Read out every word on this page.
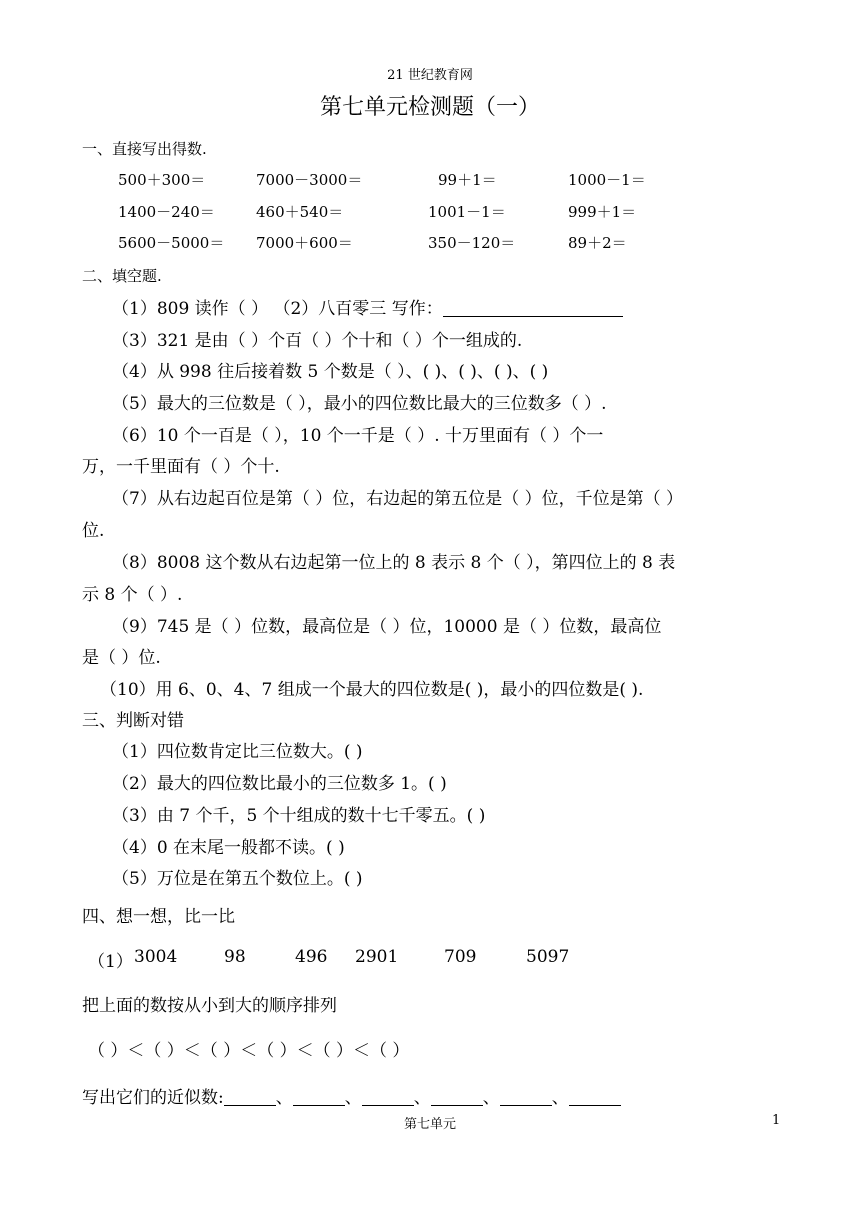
21 世纪教育网
第七单元检测题（一）
一、直接写出得数.
500＋300＝	7000－3000＝	99＋1＝	1000－1＝
1400－240＝	460＋540＝	1001－1＝	999＋1＝
5600－5000＝ 7000＋600＝	350－120＝	89＋2＝
二、填空题.
（1）809 读作（ ） （2）八百零三 写作：
（3）321 是由（ ）个百（ ）个十和（ ）个一组成的.
（4）从 998 往后接着数 5 个数是（ ）、( )、( )、( )、( )
（5）最大的三位数是（ ），最小的四位数比最大的三位数多（ ）.
（6）10 个一百是（ ），10 个一千是（ ）. 十万里面有（ ）个一
万，一千里面有（ ）个十.
（7）从右边起百位是第（ ）位，右边起的第五位是（ ）位，千位是第（ ）
位.
（8）8008 这个数从右边起第一位上的 8 表示 8 个（ ），第四位上的 8 表
示 8 个（ ）.
（9）745 是（ ）位数，最高位是（ ）位，10000 是（ ）位数，最高位
是（ ）位.
（10）用 6、0、4、7 组成一个最大的四位数是( )，最小的四位数是( ).
三、判断对错
（1）四位数肯定比三位数大。( )
（2）最大的四位数比最小的三位数多 1。( )
（3）由 7 个千，5 个十组成的数十七千零五。( )
（4）0 在末尾一般都不读。( )
（5）万位是在第五个数位上。( )
四、想一想，比一比
（1） 3004	98	496 2901	709	5097
把上面的数按从小到大的顺序排列
（ ）＜（ ）＜（ ）＜（ ）＜（ ）＜（ ）
写出它们的近似数:	、	、	、	、	、
第七单元	1
